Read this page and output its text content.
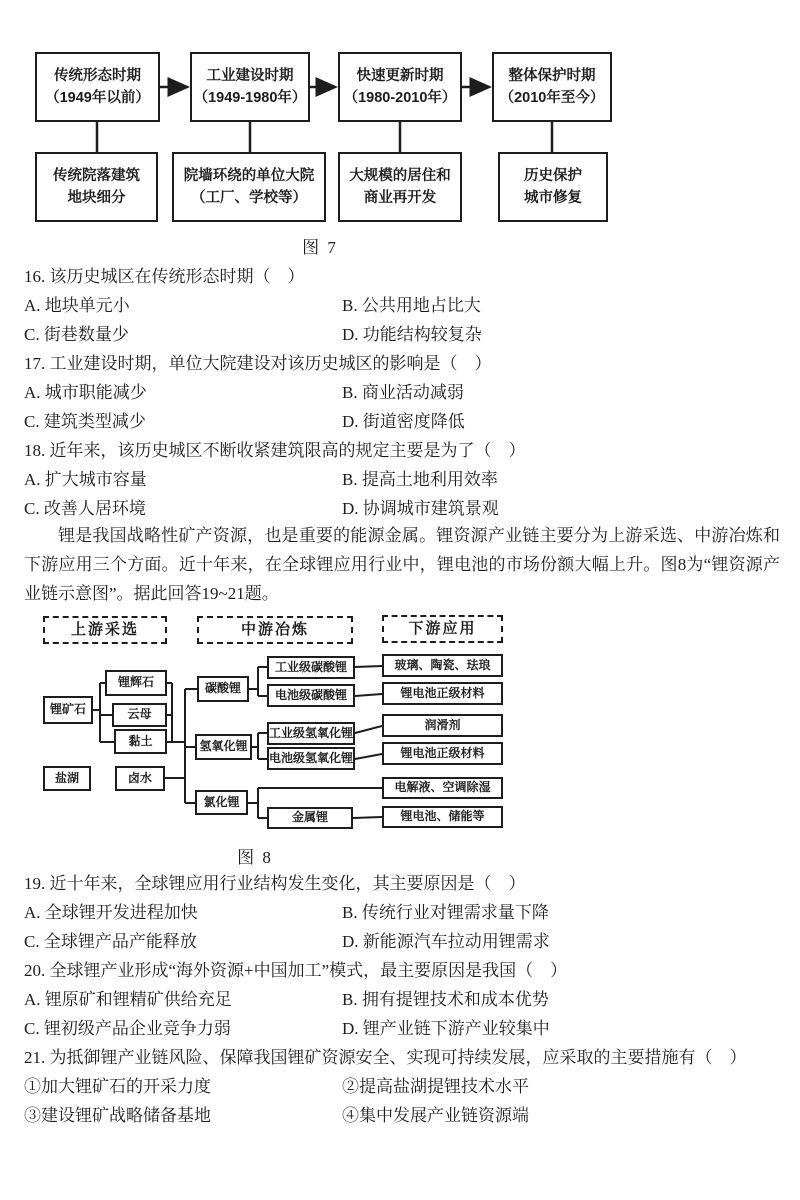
传统形态时期
（1949年以前）
工业建设时期
（1949-1980年）
快速更新时期
（1980-2010年）
整体保护时期
（2010年至今）
传统院落建筑
地块细分
院墙环绕的单位大院
（工厂、学校等）
大规模的居住和
商业再开发
历史保护
城市修复
图 7
16. 该历史城区在传统形态时期（　）
A. 地块单元小	B. 公共用地占比大
C. 街巷数量少	D. 功能结构较复杂
17. 工业建设时期，单位大院建设对该历史城区的影响是（　）
A. 城市职能减少	B. 商业活动减弱
C. 建筑类型减少	D. 街道密度降低
18. 近年来，该历史城区不断收紧建筑限高的规定主要是为了（　）
A. 扩大城市容量	B. 提高土地利用效率
C. 改善人居环境	D. 协调城市建筑景观

锂是我国战略性矿产资源，也是重要的能源金属。锂资源产业链主要分为上游采选、中游冶炼和下游应用三个方面。近十年来，在全球锂应用行业中，锂电池的市场份额大幅上升。图8为“锂资源产业链示意图”。据此回答19~21题。

上游采选	中游冶炼	下游应用
锂矿石
锂辉石
云母
黏土
盐湖	卤水
碳酸锂
工业级碳酸锂
电池级碳酸锂
氢氧化锂
工业级氢氧化锂
电池级氢氧化锂
氯化锂
金属锂
玻璃、陶瓷、珐琅
锂电池正级材料
润滑剂
锂电池正级材料
电解液、空调除湿
锂电池、储能等
图 8
19. 近十年来，全球锂应用行业结构发生变化，其主要原因是（　）
A. 全球锂开发进程加快	B. 传统行业对锂需求量下降
C. 全球锂产品产能释放	D. 新能源汽车拉动用锂需求
20. 全球锂产业形成“海外资源+中国加工”模式，最主要原因是我国（　）
A. 锂原矿和锂精矿供给充足	B. 拥有提锂技术和成本优势
C. 锂初级产品企业竞争力弱	D. 锂产业链下游产业较集中
21. 为抵御锂产业链风险、保障我国锂矿资源安全、实现可持续发展，应采取的主要措施有（　）
①加大锂矿石的开采力度	②提高盐湖提锂技术水平
③建设锂矿战略储备基地	④集中发展产业链资源端
